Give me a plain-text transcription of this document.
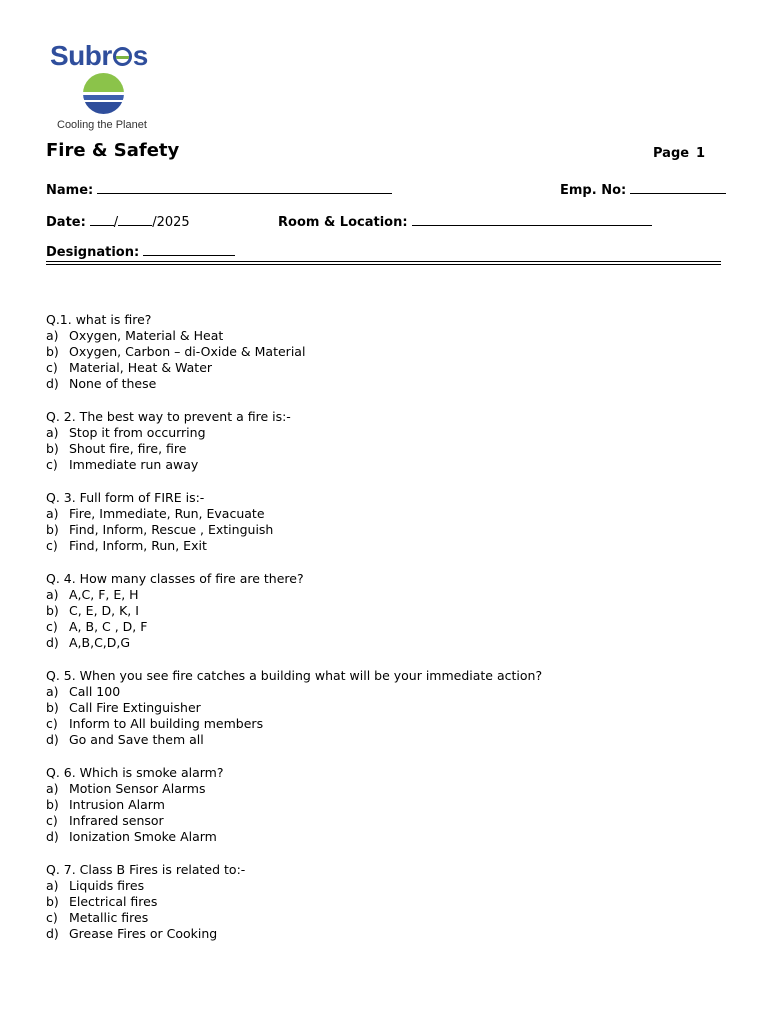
Subr s
Cooling the Planet
Fire & Safety	Page 1
Name:	Emp. No:
Date: /	/2025	Room & Location:
Designation:
Q.1. what is fire?
a) Oxygen, Material & Heat
b) Oxygen, Carbon – di-Oxide & Material
c) Material, Heat & Water
d) None of these
Q. 2. The best way to prevent a fire is:-
a) Stop it from occurring
b) Shout fire, fire, fire
c) Immediate run away
Q. 3. Full form of FIRE is:-
a) Fire, Immediate, Run, Evacuate
b) Find, Inform, Rescue , Extinguish
c) Find, Inform, Run, Exit
Q. 4. How many classes of fire are there?
a) A,C, F, E, H
b) C, E, D, K, I
c) A, B, C , D, F
d) A,B,C,D,G
Q. 5. When you see fire catches a building what will be your immediate action?
a) Call 100
b) Call Fire Extinguisher
c) Inform to All building members
d) Go and Save them all
Q. 6. Which is smoke alarm?
a) Motion Sensor Alarms
b) Intrusion Alarm
c) Infrared sensor
d) Ionization Smoke Alarm
Q. 7. Class B Fires is related to:-
a) Liquids fires
b) Electrical fires
c) Metallic fires
d) Grease Fires or Cooking
